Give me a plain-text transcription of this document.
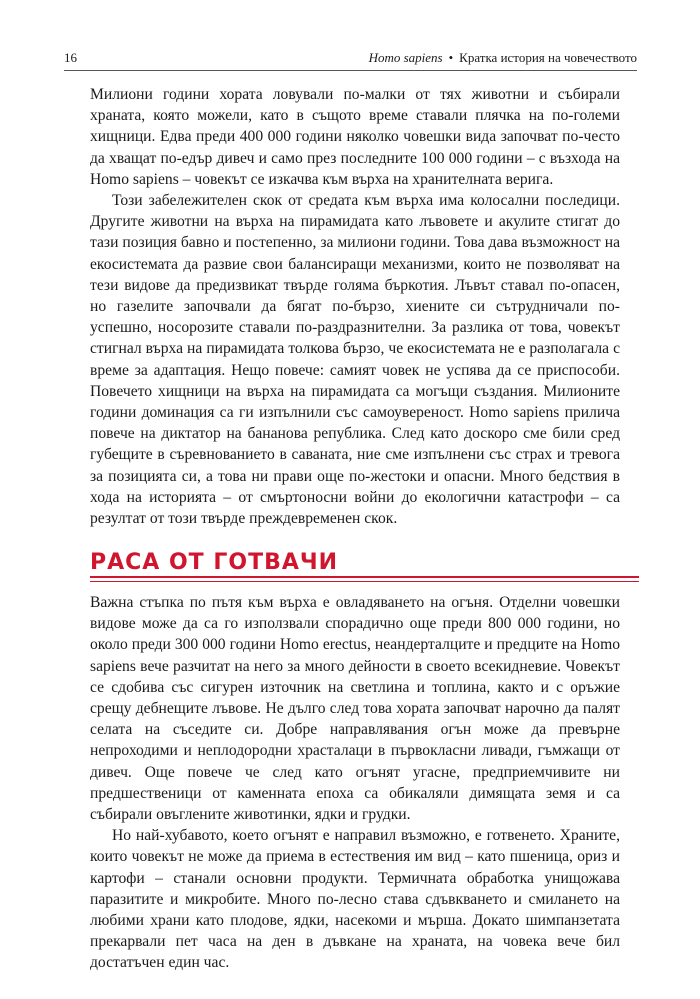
16	Homo sapiens • Кратка история на човечеството

Милиони години хората ловували по-малки от тях животни и събирали храната, която можели, като в същото време ставали плячка на по-големи хищници. Едва преди 400 000 години няколко човешки вида започват по-често да хващат по-едър дивеч и само през последните 100 000 години – с възхода на Homo sapiens – човекът се изкачва към върха на хранителната верига.

Този забележителен скок от средата към върха има колосални последици. Другите животни на върха на пирамидата като лъвовете и акулите стигат до тази позиция бавно и постепенно, за милиони години. Това дава възможност на екосистемата да развие свои балансиращи механизми, които не позволяват на тези видове да предизвикат твърде голяма бъркотия. Лъвът ставал по-опасен, но газелите започвали да бягат по-бързо, хиените си сътрудничали по-успешно, носорозите ставали по-раздразнителни. За разлика от това, човекът стигнал върха на пирамидата толкова бързо, че екосистемата не е разполагала с време за адаптация. Нещо повече: самият човек не успява да се приспособи. Повечето хищници на върха на пирамидата са могъщи създания. Милионите години доминация са ги изпълнили със самоувереност. Homo sapiens прилича повече на диктатор на бананова република. След като доскоро сме били сред губещите в съревнованието в саваната, ние сме изпълнени със страх и тревога за позицията си, а това ни прави още по-жестоки и опасни. Много бедствия в хода на историята – от смъртоносни войни до екологични катастрофи – са резултат от този твърде преждевременен скок.

РАСА ОТ ГОТВАЧИ

Важна стъпка по пътя към върха е овладяването на огъня. Отделни човешки видове може да са го използвали спорадично още преди 800 000 години, но около преди 300 000 години Homo erectus, неандерталците и предците на Homo sapiens вече разчитат на него за много дейности в своето всекидневие. Човекът се сдобива със сигурен източник на светлина и топлина, както и с оръжие срещу дебнещите лъвове. Не дълго след това хората започват нарочно да палят селата на съседите си. Добре направлявания огън може да превърне непроходими и неплодородни храсталаци в първокласни ливади, гъмжащи от дивеч. Още повече че след като огънят угасне, предприемчивите ни предшественици от каменната епоха са обикаляли димящата земя и са събирали овъглените животинки, ядки и грудки.

Но най-хубавото, което огънят е направил възможно, е готвенето. Храните, които човекът не може да приема в естествения им вид – като пшеница, ориз и картофи – станали основни продукти. Термичната обработка унищожава паразитите и микробите. Много по-лесно става сдъвкването и смилането на любими храни като плодове, ядки, насекоми и мърша. Докато шимпанзетата прекарвали пет часа на ден в дъвкане на храната, на човека вече бил достатъчен един час.
